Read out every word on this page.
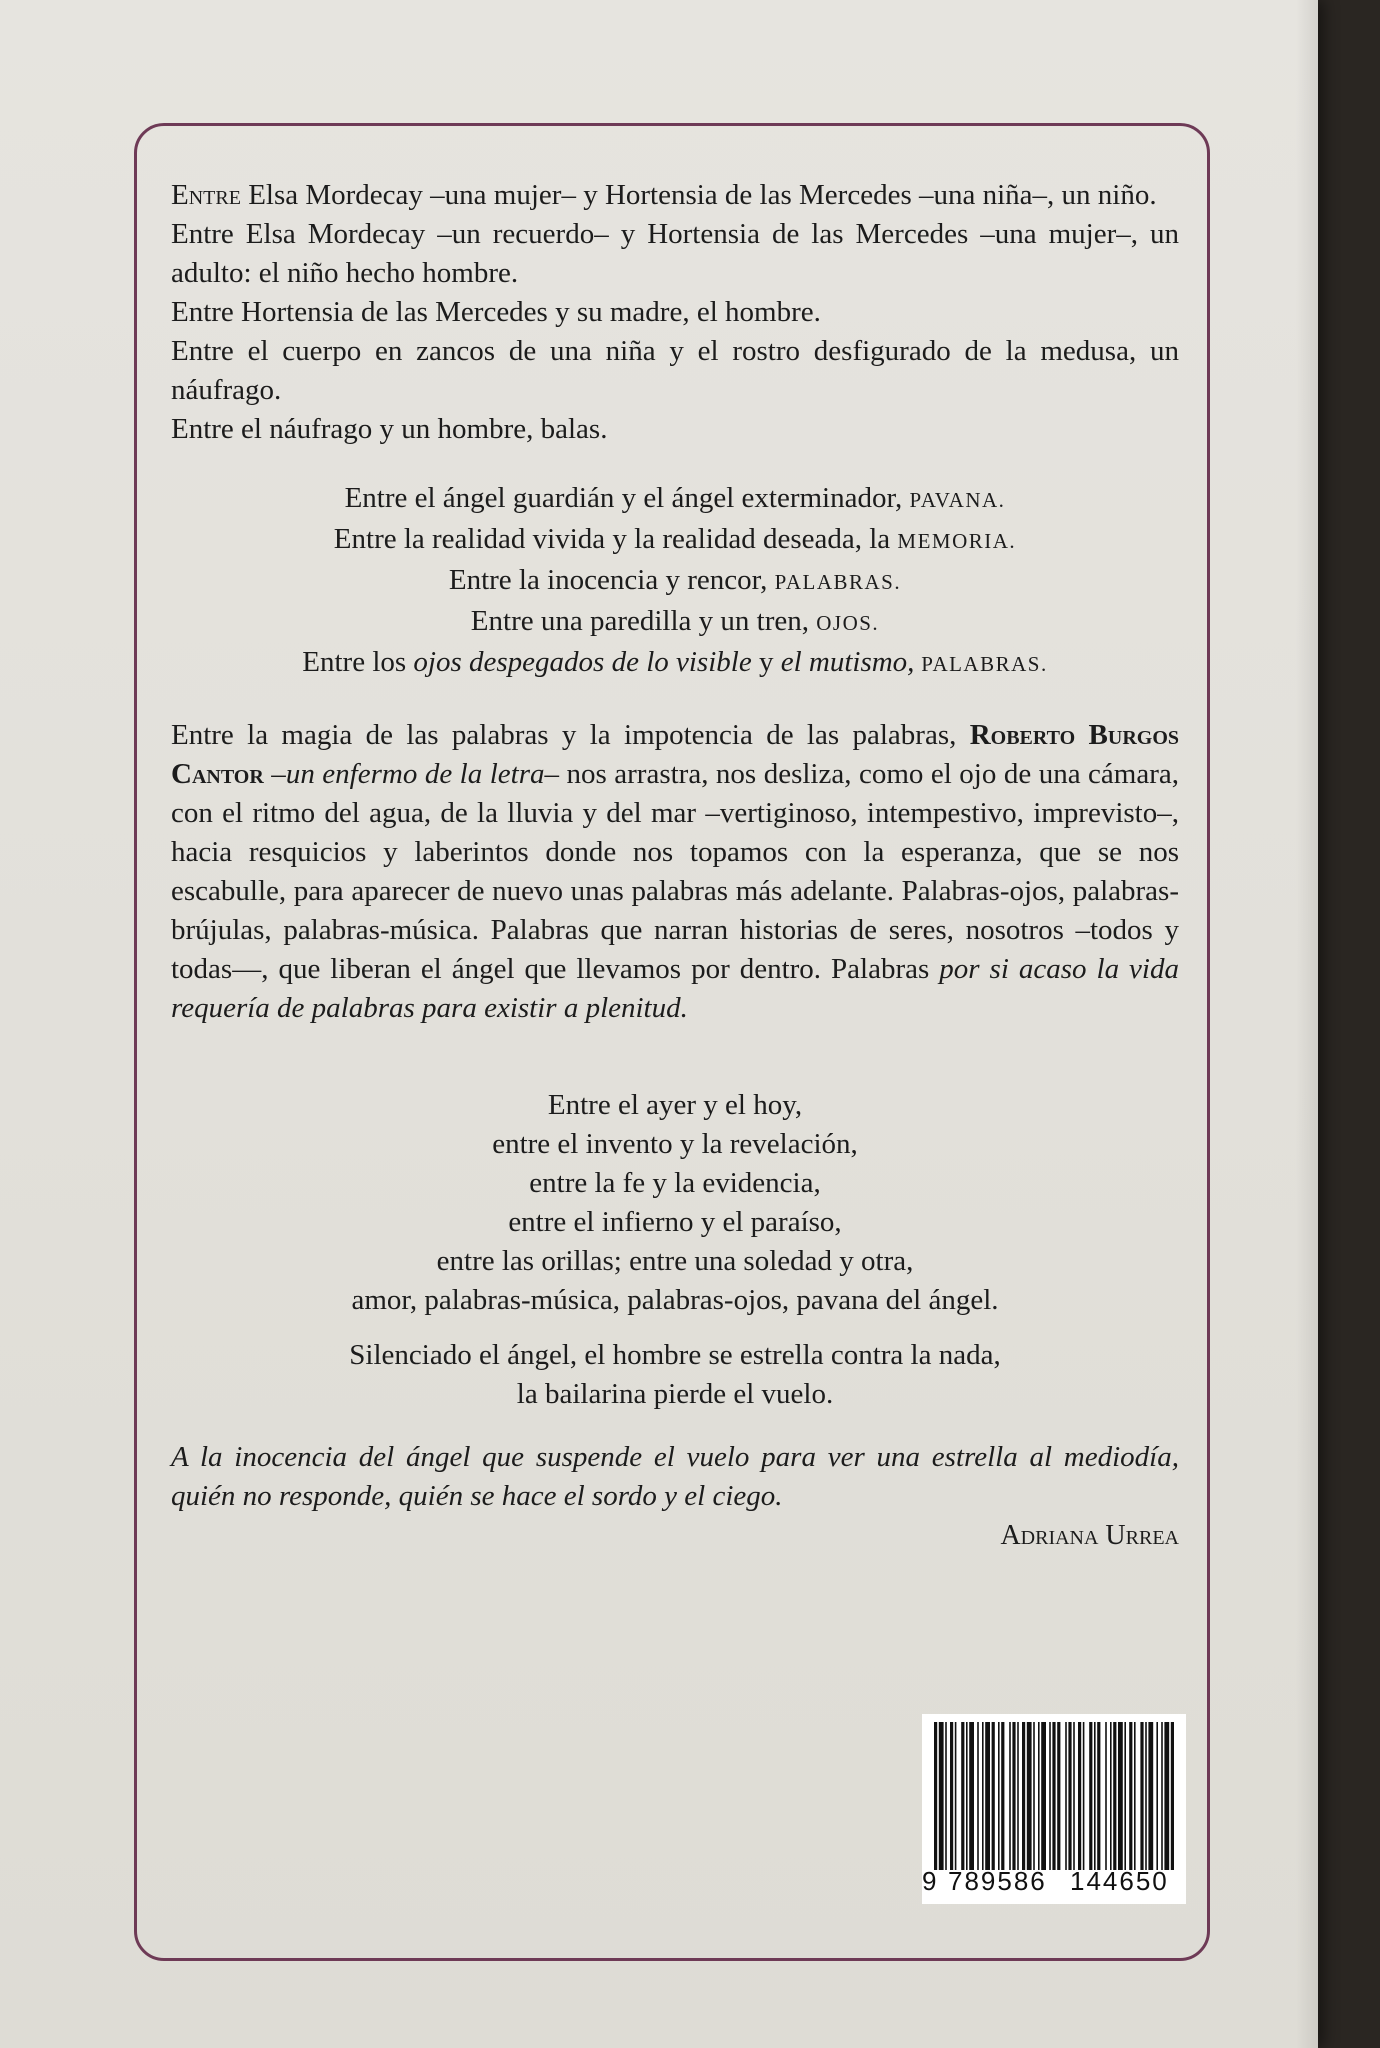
Entre Elsa Mordecay –una mujer– y Hortensia de las Mercedes –una niña–, un niño.

Entre Elsa Mordecay –un recuerdo– y Hortensia de las Mercedes –una mujer–, un adulto: el niño hecho hombre.

Entre Hortensia de las Mercedes y su madre, el hombre.

Entre el cuerpo en zancos de una niña y el rostro desfigurado de la medusa, un náufrago.

Entre el náufrago y un hombre, balas.

Entre el ángel guardián y el ángel exterminador, PAVANA.

Entre la realidad vivida y la realidad deseada, la MEMORIA.

Entre la inocencia y rencor, PALABRAS.

Entre una paredilla y un tren, OJOS.

Entre los ojos despegados de lo visible y el mutismo, PALABRAS.

Entre la magia de las palabras y la impotencia de las palabras, Roberto Burgos Cantor –un enfermo de la letra– nos arrastra, nos desliza, como el ojo de una cámara, con el ritmo del agua, de la lluvia y del mar –vertiginoso, intempestivo, imprevisto–, hacia resquicios y laberintos donde nos topamos con la esperanza, que se nos escabulle, para aparecer de nuevo unas palabras más adelante. Palabras-ojos, palabras-brújulas, palabras-música. Palabras que narran historias de seres, nosotros –todos y todas—, que liberan el ángel que llevamos por dentro. Palabras por si acaso la vida requería de palabras para existir a plenitud.

Entre el ayer y el hoy,

entre el invento y la revelación,

entre la fe y la evidencia,

entre el infierno y el paraíso,

entre las orillas; entre una soledad y otra,

amor, palabras-música, palabras-ojos, pavana del ángel.

Silenciado el ángel, el hombre se estrella contra la nada,

la bailarina pierde el vuelo.

A la inocencia del ángel que suspende el vuelo para ver una estrella al mediodía, quién no responde, quién se hace el sordo y el ciego.

Adriana Urrea

9 789586 144650
